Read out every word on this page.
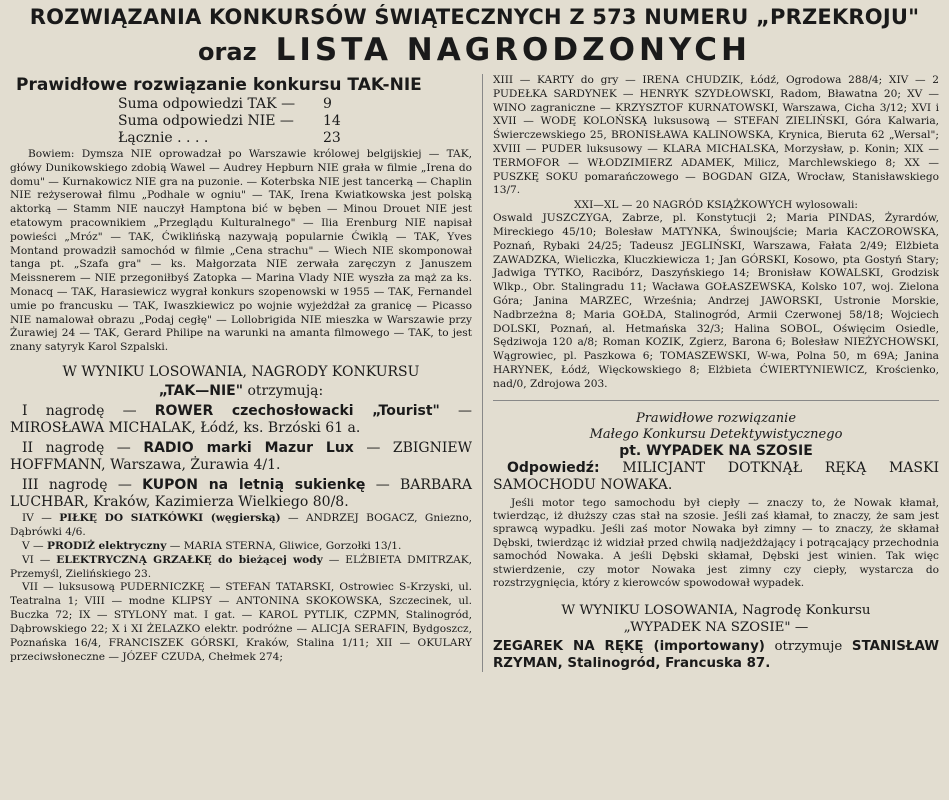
ROZWIĄZANIA KONKURSÓW ŚWIĄTECZNYCH Z 573 NUMERU „PRZEKROJU"
oraz LISTA NAGRODZONYCH
Prawidłowe rozwiązanie konkursu TAK-NIE
Suma odpowiedzi TAK —	9
Suma odpowiedzi NIE —	14
Łącznie . . . .	23

Bowiem: Dymsza NIE oprowadzał po Warszawie królowej belgijskiej — TAK, główy Dunikowskiego zdobią Wawel — Audrey Hepburn NIE grała w filmie „Irena do domu" — Kurnakowicz NIE gra na puzonie. — Koterbska NIE jest tancerką — Chaplin NIE reżyserował filmu „Podhale w ogniu" — TAK, Irena Kwiatkowska jest polską aktorką — Stamm NIE nauczył Hamptona bić w bęben — Minou Drouet NIE jest etatowym pracownikiem „Przeglądu Kulturalnego" — Ilia Erenburg NIE napisał powieści „Mróz" — TAK, Ćwiklińską nazywają popularnie Ćwiklą — TAK, Yves Montand prowadził samochód w filmie „Cena strachu" — Wiech NIE skomponował tanga pt. „Szafa gra" — ks. Małgorzata NIE zerwała zaręczyn z Januszem Meissnerem — NIE przegoniłbyś Zatopka — Marina Vlady NIE wyszła za mąż za ks. Monacq — TAK, Harasiewicz wygrał konkurs szopenowski w 1955 — TAK, Fernandel umie po francusku — TAK, Iwaszkiewicz po wojnie wyjeżdżał za granicę — Picasso NIE namalował obrazu „Podaj cegłę" — Lollobrigida NIE mieszka w Warszawie przy Żurawiej 24 — TAK, Gerard Philipe na warunki na amanta filmowego — TAK, to jest znany satyryk Karol Szpalski.

W WYNIKU LOSOWANIA, NAGRODY KONKURSU
„TAK—NIE" otrzymują:

I nagrodę — ROWER czechosłowacki „Tourist" — MIROSŁAWA MICHALAK, Łódź, ks. Brzóski 61 a.

II nagrodę — RADIO marki Mazur Lux — ZBIGNIEW HOFFMANN, Warszawa, Żurawia 4/1.

III nagrodę — KUPON na letnią sukienkę — BARBARA LUCHBAR, Kraków, Kazimierza Wielkiego 80/8.

IV — PIŁKĘ DO SIATKÓWKI (węgierską) — ANDRZEJ BOGACZ, Gniezno, Dąbrówki 4/6.

V — PRODIŻ elektryczny — MARIA STERNA, Gliwice, Gorzołki 13/1.

VI — ELEKTRYCZNĄ GRZAŁKĘ do bieżącej wody — ELŻBIETA DMITRZAK, Przemyśl, Zielińskiego 23.

VII — luksusową PUDERNICZKĘ — STEFAN TATARSKI, Ostrowiec S-Krzyski, ul. Teatralna 1; VIII — modne KLIPSY — ANTONINA SKOKOWSKA, Szczecinek, ul. Buczka 72; IX — STYLONY mat. I gat. — KAROL PYTLIK, CZPMN, Stalinogród, Dąbrowskiego 22; X i XI ŻELAZKO elektr. podróżne — ALICJA SERAFIN, Bydgoszcz, Poznańska 16/4, FRANCISZEK GÓRSKI, Kraków, Stalina 1/11; XII — OKULARY przeciwsłoneczne — JÓZEF CZUDA, Chełmek 274;

XIII — KARTY do gry — IRENA CHUDZIK, Łódź, Ogrodowa 288/4; XIV — 2 PUDEŁKA SARDYNEK — HENRYK SZYDŁOWSKI, Radom, Bławatna 20; XV — WINO zagraniczne — KRZYSZTOF KURNATOWSKI, Warszawa, Cicha 3/12; XVI i XVII — WODĘ KOLOŃSKĄ luksusową — STEFAN ZIELIŃSKI, Góra Kalwaria, Świerczewskiego 25, BRONISŁAWA KALINOWSKA, Krynica, Bieruta 62 „Wersal"; XVIII — PUDER luksusowy — KLARA MICHALSKA, Morzysław, p. Konin; XIX — TERMOFOR — WŁODZIMIERZ ADAMEK, Milicz, Marchlewskiego 8; XX — PUSZKĘ SOKU pomarańczowego — BOGDAN GIZA, Wrocław, Stanisławskiego 13/7.

XXI—XL — 20 NAGRÓD KSIĄŻKOWYCH wylosowali:

Oswald JUSZCZYGA, Zabrze, pl. Konstytucji 2; Maria PINDAS, Żyrardów, Mireckiego 45/10; Bolesław MATYNKA, Świnoujście; Maria KACZOROWSKA, Poznań, Rybaki 24/25; Tadeusz JEGLIŃSKI, Warszawa, Fałata 2/49; Elżbieta ZAWADZKA, Wieliczka, Kluczkiewicza 1; Jan GÓRSKI, Kosowo, pta Gostyń Stary; Jadwiga TYTKO, Racibórz, Daszyńskiego 14; Bronisław KOWALSKI, Grodzisk Wlkp., Obr. Stalingradu 11; Wacława GOŁASZEWSKA, Kolsko 107, woj. Zielona Góra; Janina MARZEC, Września; Andrzej JAWORSKI, Ustronie Morskie, Nadbrzeżna 8; Maria GOŁDA, Stalinogród, Armii Czerwonej 58/18; Wojciech DOLSKI, Poznań, al. Hetmańska 32/3; Halina SOBOL, Oświęcim Osiedle, Sędziwoja 120 a/8; Roman KOZIK, Zgierz, Barona 6; Bolesław NIEŻYCHOWSKI, Wągrowiec, pl. Paszkowa 6; TOMASZEWSKI, W-wa, Polna 50, m 69A; Janina HARYNEK, Łódź, Więckowskiego 8; Elżbieta ĆWIERTYNIEWICZ, Krościenko, nad/0, Zdrojowa 203.

Prawidłowe rozwiązanie
Małego Konkursu Detektywistycznego
pt. WYPADEK NA SZOSIE

Odpowiedź: MILICJANT DOTKNĄŁ RĘKĄ MASKI SAMOCHODU NOWAKA.

Jeśli motor tego samochodu był ciepły — znaczy to, że Nowak kłamał, twierdząc, iż dłuższy czas stał na szosie. Jeśli zaś kłamał, to znaczy, że sam jest sprawcą wypadku. Jeśli zaś motor Nowaka był zimny — to znaczy, że skłamał Dębski, twierdząc iż widział przed chwilą nadjeżdżający i potrącający przechodnia samochód Nowaka. A jeśli Dębski skłamał, Dębski jest winien. Tak więc stwierdzenie, czy motor Nowaka jest zimny czy ciepły, wystarcza do rozstrzygnięcia, który z kierowców spowodował wypadek.

W WYNIKU LOSOWANIA, Nagrodę Konkursu
„WYPADEK NA SZOSIE" —

ZEGAREK NA RĘKĘ (importowany) otrzymuje STANISŁAW RZYMAN, Stalinogród, Francuska 87.
